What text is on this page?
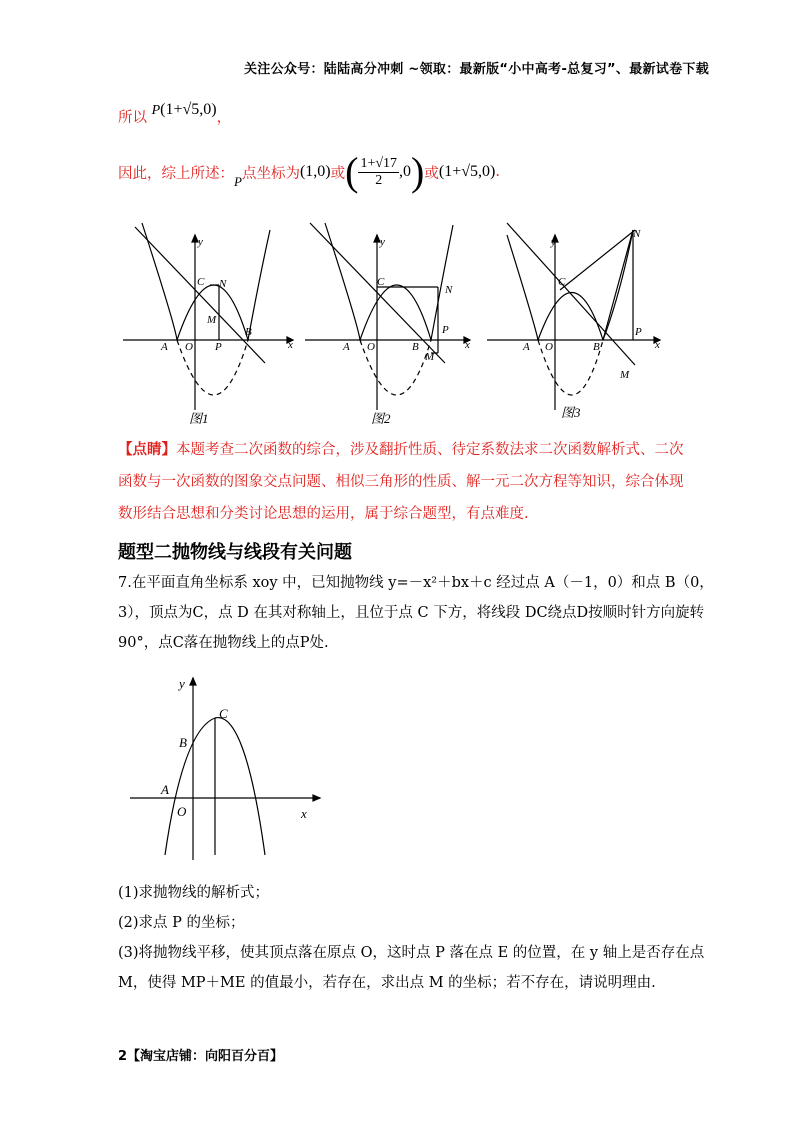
关注公众号：陆陆高分冲刺 ~领取：最新版“小中高考-总复习”、最新试卷下载
所以 P(1+√5,0)，
因此，综上所述： P 点坐标为 (1,0) 或 ( $\frac{1+√17}{2} ,0$ ) 或 (1+√5,0) .
y
x
C N
M
A O P
B
图1
y
x
C
N
M
A O
P
B
图2
y
x
C
N
M
A O
P
B
图3
【点睛】本题考查二次函数的综合，涉及翻折性质、待定系数法求二次函数解析式、二次
函数与一次函数的图象交点问题、相似三角形的性质、解一元二次方程等知识，综合体现
数形结合思想和分类讨论思想的运用，属于综合题型，有点难度.
题型二抛物线与线段有关问题
7.在平面直角坐标系 xoy 中，已知抛物线 y=－x²＋bx＋c 经过点 A（－1，0）和点 B（0，
3），顶点为C，点 D 在其对称轴上，且位于点 C 下方，将线段 DC绕点D按顺时针方向旋转
90°，点C落在抛物线上的点P处.
y
x
C
B
A
O
(1)求抛物线的解析式；
(2)求点 P 的坐标；
(3)将抛物线平移，使其顶点落在原点 O，这时点 P 落在点 E 的位置，在 y 轴上是否存在点
M，使得 MP＋ME 的值最小，若存在，求出点 M 的坐标；若不存在，请说明理由.
2【淘宝店铺：向阳百分百】
